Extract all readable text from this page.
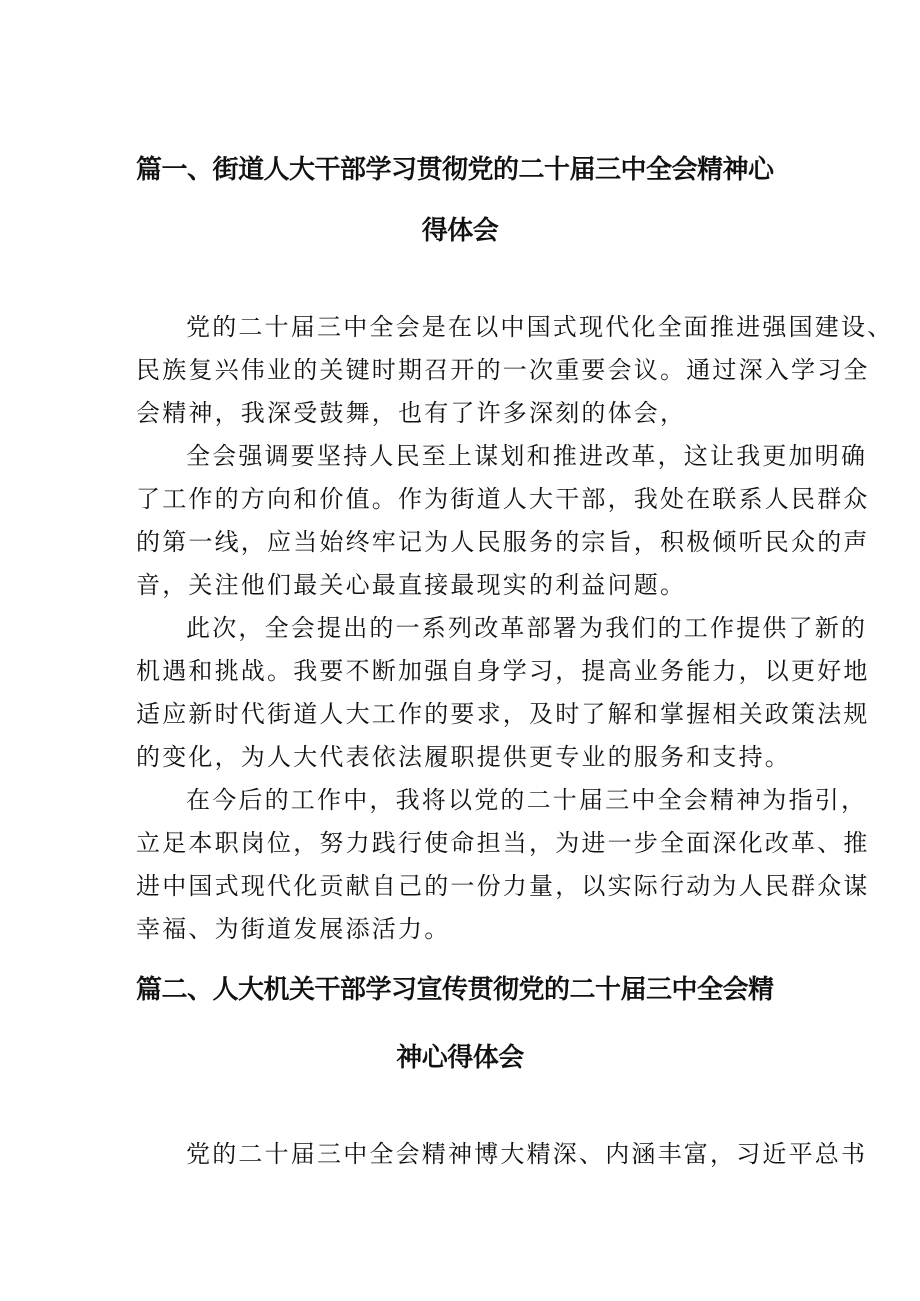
篇一、街道人大干部学习贯彻党的二十届三中全会精神心
得体会
党的二十届三中全会是在以中国式现代化全面推进强国建设、
民族复兴伟业的关键时期召开的一次重要会议。通过深入学习全
会精神，我深受鼓舞，也有了许多深刻的体会，
全会强调要坚持人民至上谋划和推进改革，这让我更加明确
了工作的方向和价值。作为街道人大干部，我处在联系人民群众
的第一线，应当始终牢记为人民服务的宗旨，积极倾听民众的声
音，关注他们最关心最直接最现实的利益问题。
此次，全会提出的一系列改革部署为我们的工作提供了新的
机遇和挑战。我要不断加强自身学习，提高业务能力，以更好地
适应新时代街道人大工作的要求，及时了解和掌握相关政策法规
的变化，为人大代表依法履职提供更专业的服务和支持。
在今后的工作中，我将以党的二十届三中全会精神为指引，
立足本职岗位，努力践行使命担当，为进一步全面深化改革、推
进中国式现代化贡献自己的一份力量，以实际行动为人民群众谋
幸福、为街道发展添活力。
篇二、人大机关干部学习宣传贯彻党的二十届三中全会精
神心得体会
党的二十届三中全会精神博大精深、内涵丰富，习近平总书
